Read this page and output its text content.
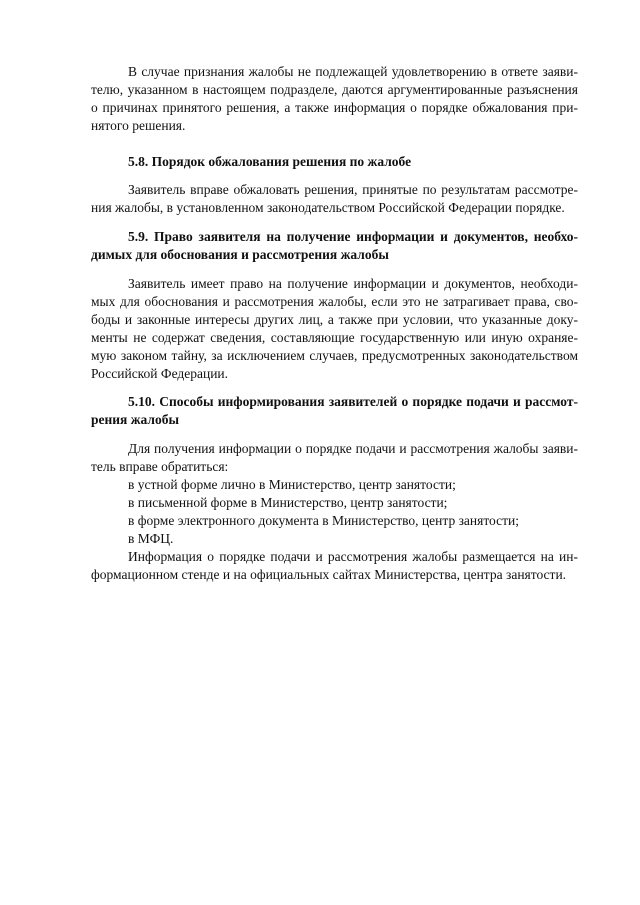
В случае признания жалобы не подлежащей удовлетворению в ответе заяви-
телю, указанном в настоящем подразделе, даются аргументированные разъяснения
о причинах принятого решения, а также информация о порядке обжалования при-
нятого решения.
5.8. Порядок обжалования решения по жалобе
Заявитель вправе обжаловать решения, принятые по результатам рассмотре-
ния жалобы, в установленном законодательством Российской Федерации порядке.
5.9. Право заявителя на получение информации и документов, необхо-
димых для обоснования и рассмотрения жалобы
Заявитель имеет право на получение информации и документов, необходи-
мых для обоснования и рассмотрения жалобы, если это не затрагивает права, сво-
боды и законные интересы других лиц, а также при условии, что указанные доку-
менты не содержат сведения, составляющие государственную или иную охраняе-
мую законом тайну, за исключением случаев, предусмотренных законодательством
Российской Федерации.
5.10. Способы информирования заявителей о порядке подачи и рассмот-
рения жалобы
Для получения информации о порядке подачи и рассмотрения жалобы заяви-
тель вправе обратиться:
в устной форме лично в Министерство, центр занятости;
в письменной форме в Министерство, центр занятости;
в форме электронного документа в Министерство, центр занятости;
в МФЦ.
Информация о порядке подачи и рассмотрения жалобы размещается на ин-
формационном стенде и на официальных сайтах Министерства, центра занятости.
